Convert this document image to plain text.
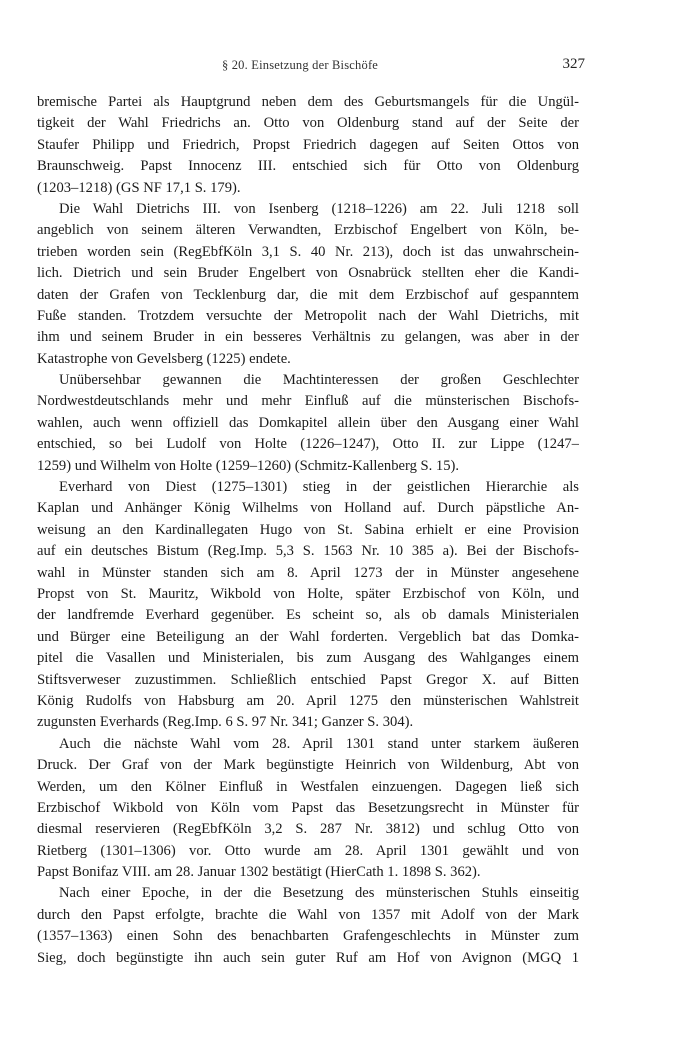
§ 20. Einsetzung der Bischöfe	327
bremische Partei als Hauptgrund neben dem des Geburtsmangels für die Ungül-
tigkeit der Wahl Friedrichs an. Otto von Oldenburg stand auf der Seite der
Staufer Philipp und Friedrich, Propst Friedrich dagegen auf Seiten Ottos von
Braunschweig. Papst Innocenz III. entschied sich für Otto von Oldenburg
(1203–1218) (GS NF 17,1 S. 179).
Die Wahl Dietrichs III. von Isenberg (1218–1226) am 22. Juli 1218 soll
angeblich von seinem älteren Verwandten, Erzbischof Engelbert von Köln, be-
trieben worden sein (RegEbfKöln 3,1 S. 40 Nr. 213), doch ist das unwahrschein-
lich. Dietrich und sein Bruder Engelbert von Osnabrück stellten eher die Kandi-
daten der Grafen von Tecklenburg dar, die mit dem Erzbischof auf gespanntem
Fuße standen. Trotzdem versuchte der Metropolit nach der Wahl Dietrichs, mit
ihm und seinem Bruder in ein besseres Verhältnis zu gelangen, was aber in der
Katastrophe von Gevelsberg (1225) endete.
Unübersehbar gewannen die Machtinteressen der großen Geschlechter
Nordwestdeutschlands mehr und mehr Einfluß auf die münsterischen Bischofs-
wahlen, auch wenn offiziell das Domkapitel allein über den Ausgang einer Wahl
entschied, so bei Ludolf von Holte (1226–1247), Otto II. zur Lippe (1247–
1259) und Wilhelm von Holte (1259–1260) (Schmitz-Kallenberg S. 15).
Everhard von Diest (1275–1301) stieg in der geistlichen Hierarchie als
Kaplan und Anhänger König Wilhelms von Holland auf. Durch päpstliche An-
weisung an den Kardinallegaten Hugo von St. Sabina erhielt er eine Provision
auf ein deutsches Bistum (Reg.Imp. 5,3 S. 1563 Nr. 10 385 a). Bei der Bischofs-
wahl in Münster standen sich am 8. April 1273 der in Münster angesehene
Propst von St. Mauritz, Wikbold von Holte, später Erzbischof von Köln, und
der landfremde Everhard gegenüber. Es scheint so, als ob damals Ministerialen
und Bürger eine Beteiligung an der Wahl forderten. Vergeblich bat das Domka-
pitel die Vasallen und Ministerialen, bis zum Ausgang des Wahlganges einem
Stiftsverweser zuzustimmen. Schließlich entschied Papst Gregor X. auf Bitten
König Rudolfs von Habsburg am 20. April 1275 den münsterischen Wahlstreit
zugunsten Everhards (Reg.Imp. 6 S. 97 Nr. 341; Ganzer S. 304).
Auch die nächste Wahl vom 28. April 1301 stand unter starkem äußeren
Druck. Der Graf von der Mark begünstigte Heinrich von Wildenburg, Abt von
Werden, um den Kölner Einfluß in Westfalen einzuengen. Dagegen ließ sich
Erzbischof Wikbold von Köln vom Papst das Besetzungsrecht in Münster für
diesmal reservieren (RegEbfKöln 3,2 S. 287 Nr. 3812) und schlug Otto von
Rietberg (1301–1306) vor. Otto wurde am 28. April 1301 gewählt und von
Papst Bonifaz VIII. am 28. Januar 1302 bestätigt (HierCath 1. 1898 S. 362).
Nach einer Epoche, in der die Besetzung des münsterischen Stuhls einseitig
durch den Papst erfolgte, brachte die Wahl von 1357 mit Adolf von der Mark
(1357–1363) einen Sohn des benachbarten Grafengeschlechts in Münster zum
Sieg, doch begünstigte ihn auch sein guter Ruf am Hof von Avignon (MGQ 1
